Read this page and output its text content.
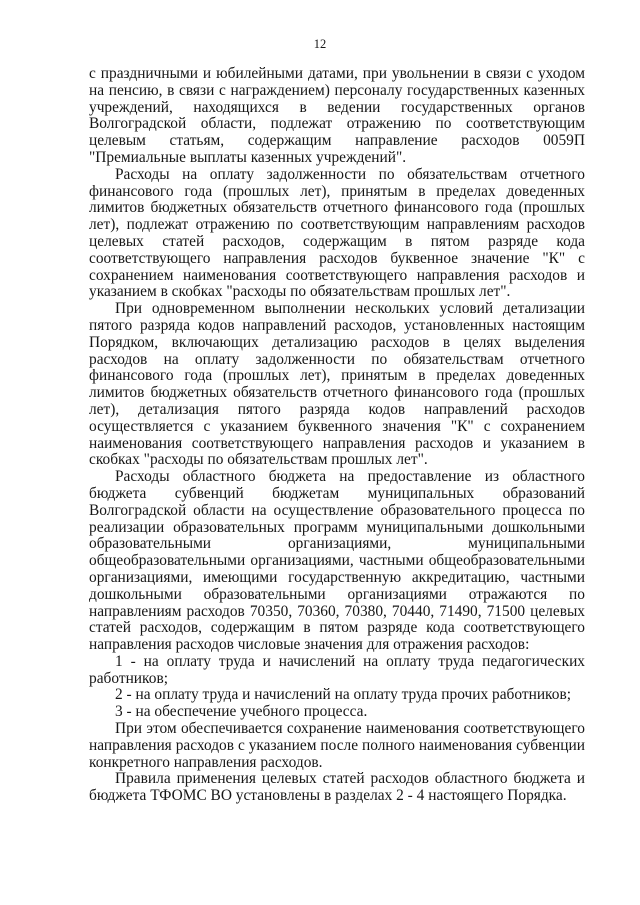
12

с праздничными и юбилейными датами, при увольнении в связи с уходом на пенсию, в связи с награждением) персоналу государственных казенных учреждений, находящихся в ведении государственных органов Волгоградской области, подлежат отражению по соответствующим целевым статьям, содержащим направление расходов 0059П "Премиальные выплаты казенных учреждений".

Расходы на оплату задолженности по обязательствам отчетного финансового года (прошлых лет), принятым в пределах доведенных лимитов бюджетных обязательств отчетного финансового года (прошлых лет), подлежат отражению по соответствующим направлениям расходов целевых статей расходов, содержащим в пятом разряде кода соответствующего направления расходов буквенное значение "К" с сохранением наименования соответствующего направления расходов и указанием в скобках "расходы по обязательствам прошлых лет".

При одновременном выполнении нескольких условий детализации пятого разряда кодов направлений расходов, установленных настоящим Порядком, включающих детализацию расходов в целях выделения расходов на оплату задолженности по обязательствам отчетного финансового года (прошлых лет), принятым в пределах доведенных лимитов бюджетных обязательств отчетного финансового года (прошлых лет), детализация пятого разряда кодов направлений расходов осуществляется с указанием буквенного значения "К" с сохранением наименования соответствующего направления расходов и указанием в скобках "расходы по обязательствам прошлых лет".

Расходы областного бюджета на предоставление из областного бюджета субвенций бюджетам муниципальных образований Волгоградской области на осуществление образовательного процесса по реализации образовательных программ муниципальными дошкольными образовательными организациями, муниципальными общеобразовательными организациями, частными общеобразовательными организациями, имеющими государственную аккредитацию, частными дошкольными образовательными организациями отражаются по направлениям расходов 70350, 70360, 70380, 70440, 71490, 71500 целевых статей расходов, содержащим в пятом разряде кода соответствующего направления расходов числовые значения для отражения расходов:

1 - на оплату труда и начислений на оплату труда педагогических работников;

2 - на оплату труда и начислений на оплату труда прочих работников;

3 - на обеспечение учебного процесса.

При этом обеспечивается сохранение наименования соответствующего направления расходов с указанием после полного наименования субвенции конкретного направления расходов.

Правила применения целевых статей расходов областного бюджета и бюджета ТФОМС ВО установлены в разделах 2 - 4 настоящего Порядка.
